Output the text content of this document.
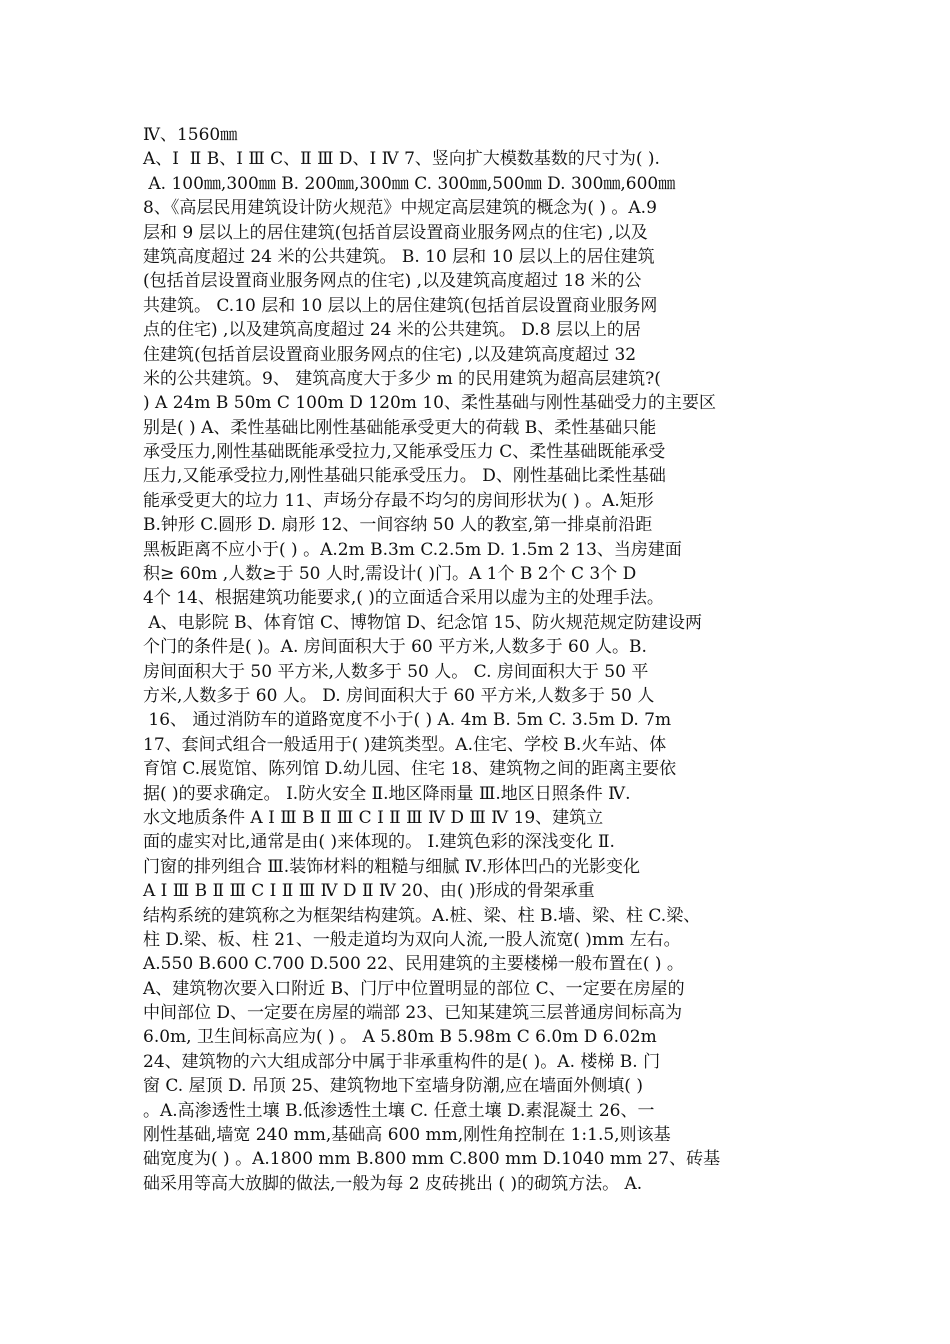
Ⅳ、1560㎜
A、Ⅰ  Ⅱ B、Ⅰ Ⅲ C、Ⅱ Ⅲ D、Ⅰ Ⅳ 7、竖向扩大模数基数的尺寸为( ).
A. 100㎜,300㎜ B. 200㎜,300㎜ C. 300㎜,500㎜ D. 300㎜,600㎜
8、《高层民用建筑设计防火规范》中规定高层建筑的概念为( ) 。A.9
层和 9 层以上的居住建筑(包括首层设置商业服务网点的住宅) ,以及
建筑高度超过 24 米的公共建筑。 B. 10 层和 10 层以上的居住建筑
(包括首层设置商业服务网点的住宅) ,以及建筑高度超过 18 米的公
共建筑。 C.10 层和 10 层以上的居住建筑(包括首层设置商业服务网
点的住宅) ,以及建筑高度超过 24 米的公共建筑。 D.8 层以上的居
住建筑(包括首层设置商业服务网点的住宅) ,以及建筑高度超过 32
米的公共建筑。9、 建筑高度大于多少 m 的民用建筑为超高层建筑?(
) A 24m B 50m C 100m D 120m 10、柔性基础与刚性基础受力的主要区
别是( ) A、柔性基础比刚性基础能承受更大的荷载 B、柔性基础只能
承受压力,刚性基础既能承受拉力,又能承受压力 C、柔性基础既能承受
压力,又能承受拉力,刚性基础只能承受压力。 D、刚性基础比柔性基础
能承受更大的垃力 11、声场分存最不均匀的房间形状为( ) 。A.矩形
B.钟形 C.圆形 D. 扇形 12、一间容纳 50 人的教室,第一排桌前沿距
黑板距离不应小于( ) 。A.2m B.3m C.2.5m D. 1.5m 2 13、当房建面
积≥ 60m ,人数≥于 50 人时,需设计( )门。A 1个 B 2个 C 3个 D
4个 14、根据建筑功能要求,( )的立面适合采用以虚为主的处理手法。
A、电影院 B、体育馆 C、博物馆 D、纪念馆 15、防火规范规定防建设两
个门的条件是( )。A. 房间面积大于 60 平方米,人数多于 60 人。B.
房间面积大于 50 平方米,人数多于 50 人。 C. 房间面积大于 50 平
方米,人数多于 60 人。 D. 房间面积大于 60 平方米,人数多于 50 人
16、 通过消防车的道路宽度不小于( ) A. 4m B. 5m C. 3.5m D. 7m
17、套间式组合一般适用于( )建筑类型。A.住宅、学校 B.火车站、体
育馆 C.展览馆、陈列馆 D.幼儿园、住宅 18、建筑物之间的距离主要依
据( )的要求确定。 Ⅰ.防火安全 Ⅱ.地区降雨量 Ⅲ.地区日照条件 Ⅳ.
水文地质条件 A Ⅰ Ⅲ B Ⅱ Ⅲ C Ⅰ Ⅱ Ⅲ Ⅳ D Ⅲ Ⅳ 19、建筑立
面的虚实对比,通常是由( )来体现的。 Ⅰ.建筑色彩的深浅变化 Ⅱ.
门窗的排列组合 Ⅲ.装饰材料的粗糙与细腻 Ⅳ.形体凹凸的光影变化
A Ⅰ Ⅲ B Ⅱ Ⅲ C Ⅰ Ⅱ Ⅲ Ⅳ D Ⅱ Ⅳ 20、由( )形成的骨架承重
结构系统的建筑称之为框架结构建筑。A.桩、梁、柱 B.墙、梁、柱 C.梁、
柱 D.梁、板、柱 21、一般走道均为双向人流,一股人流宽( )mm 左右。
A.550 B.600 C.700 D.500 22、民用建筑的主要楼梯一般布置在( ) 。
A、建筑物次要入口附近 B、门厅中位置明显的部位 C、一定要在房屋的
中间部位 D、一定要在房屋的端部 23、已知某建筑三层普通房间标高为
6.0m, 卫生间标高应为( ) 。 A 5.80m B 5.98m C 6.0m D 6.02m
24、建筑物的六大组成部分中属于非承重构件的是( )。A. 楼梯 B. 门
窗 C. 屋顶 D. 吊顶 25、建筑物地下室墙身防潮,应在墙面外侧填( )
。A.高渗透性土壤 B.低渗透性土壤 C. 任意土壤 D.素混凝土 26、一
刚性基础,墙宽 240 mm,基础高 600 mm,刚性角控制在 1:1.5,则该基
础宽度为( ) 。A.1800 mm B.800 mm C.800 mm D.1040 mm 27、砖基
础采用等高大放脚的做法,一般为每 2 皮砖挑出 ( )的砌筑方法。 A.
